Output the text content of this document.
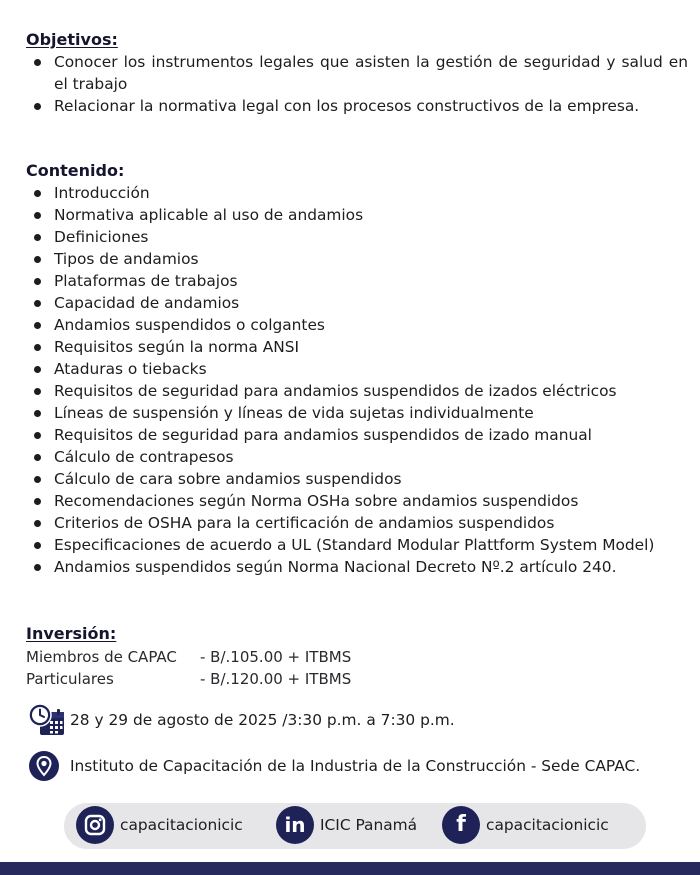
Objetivos:
Conocer los instrumentos legales que asisten la gestión de seguridad y salud en el trabajo
Relacionar la normativa legal con los procesos constructivos de la empresa.
Contenido:
Introducción
Normativa aplicable al uso de andamios
Definiciones
Tipos de andamios
Plataformas de trabajos
Capacidad de andamios
Andamios suspendidos o colgantes
Requisitos según la norma ANSI
Ataduras o tiebacks
Requisitos de seguridad para andamios suspendidos de izados eléctricos
Líneas de suspensión y líneas de vida sujetas individualmente
Requisitos de seguridad para andamios suspendidos de izado manual
Cálculo de contrapesos
Cálculo de cara sobre andamios suspendidos
Recomendaciones según Norma OSHa sobre andamios suspendidos
Criterios de OSHA para la certificación de andamios suspendidos
Especificaciones de acuerdo a UL (Standard Modular Plattform System Model)
Andamios suspendidos según Norma Nacional Decreto Nº.2 artículo 240.
Inversión:
Miembros de CAPAC - B/.105.00 + ITBMS
Particulares	- B/.120.00 + ITBMS
28 y 29 de agosto de 2025 /3:30 p.m. a 7:30 p.m.
Instituto de Capacitación de la Industria de la Construcción - Sede CAPAC.
capacitacionicic in ICIC Panamá f capacitacionicic
